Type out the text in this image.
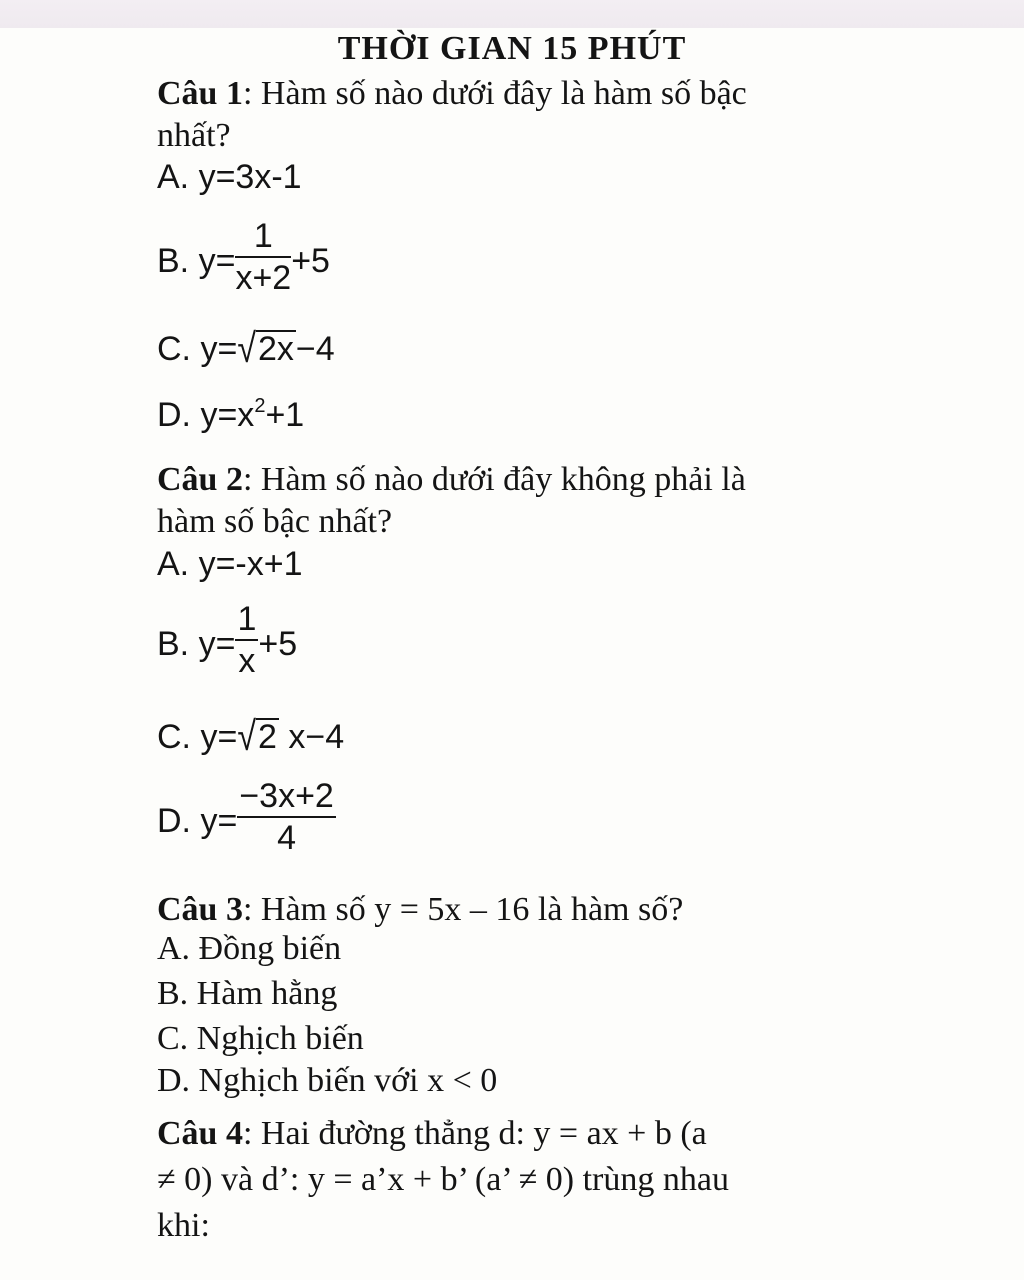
THỜI GIAN 15 PHÚT
Câu 1: Hàm số nào dưới đây là hàm số bậc
nhất?
A. y=3x-1
B. $y= \frac{1}{x+2} +5$
C. y=√2x−4
D. $y=x^2+1$
Câu 2: Hàm số nào dưới đây không phải là
hàm số bậc nhất?
A. y=-x+1
B. $y= \frac{1}{x} +5$
C. y=√2 x−4
D. $y= \frac{-3x+2}{4}$
Câu 3: Hàm số y = 5x – 16 là hàm số?
A. Đồng biến
B. Hàm hằng
C. Nghịch biến
D. Nghịch biến với x < 0
Câu 4: Hai đường thẳng d: y = ax + b (a
≠ 0) và d’: y = a’x + b’ (a’ ≠ 0) trùng nhau
khi:
